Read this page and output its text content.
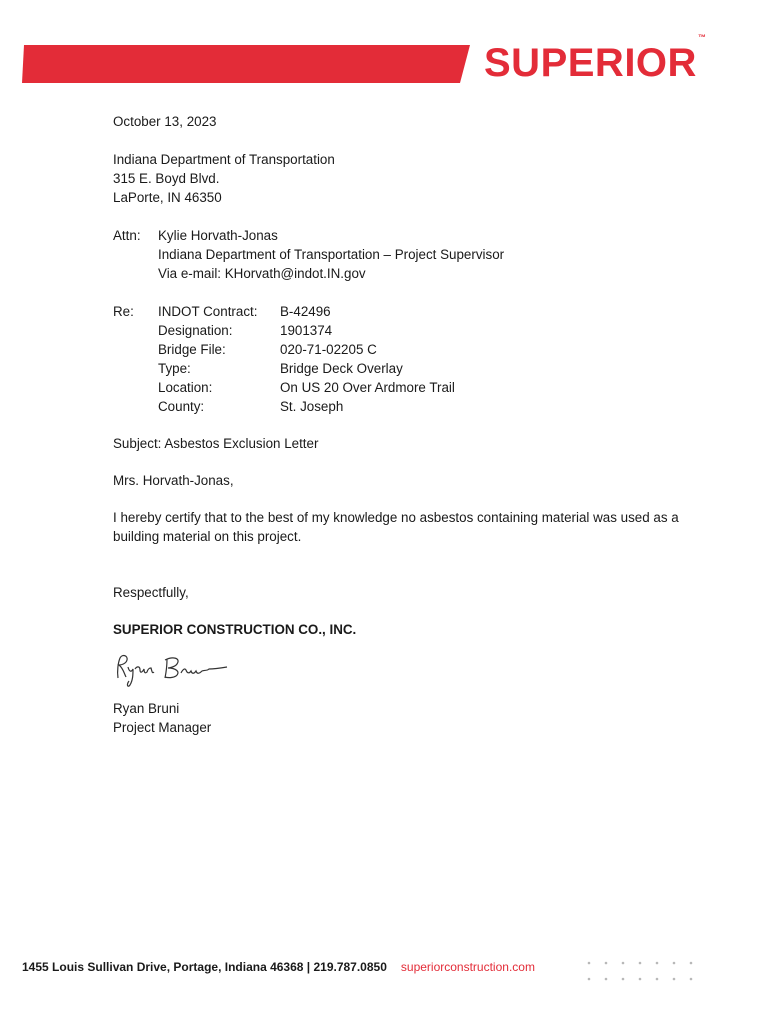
SUPERIOR™
October 13, 2023
Indiana Department of Transportation
315 E. Boyd Blvd.
LaPorte, IN 46350
Attn:	Kylie Horvath-Jonas
Indiana Department of Transportation – Project Supervisor
Via e-mail: KHorvath@indot.IN.gov
Re:	INDOT Contract:	B-42496
Designation:	1901374
Bridge File:	020-71-02205 C
Type:	Bridge Deck Overlay
Location:	On US 20 Over Ardmore Trail
County:	St. Joseph
Subject: Asbestos Exclusion Letter
Mrs. Horvath-Jonas,
I hereby certify that to the best of my knowledge no asbestos containing material was used as a
building material on this project.
Respectfully,
SUPERIOR CONSTRUCTION CO., INC.
Ryan Bruni
Project Manager
1455 Louis Sullivan Drive, Portage, Indiana 46368 | 219.787.0850 superiorconstruction.com
